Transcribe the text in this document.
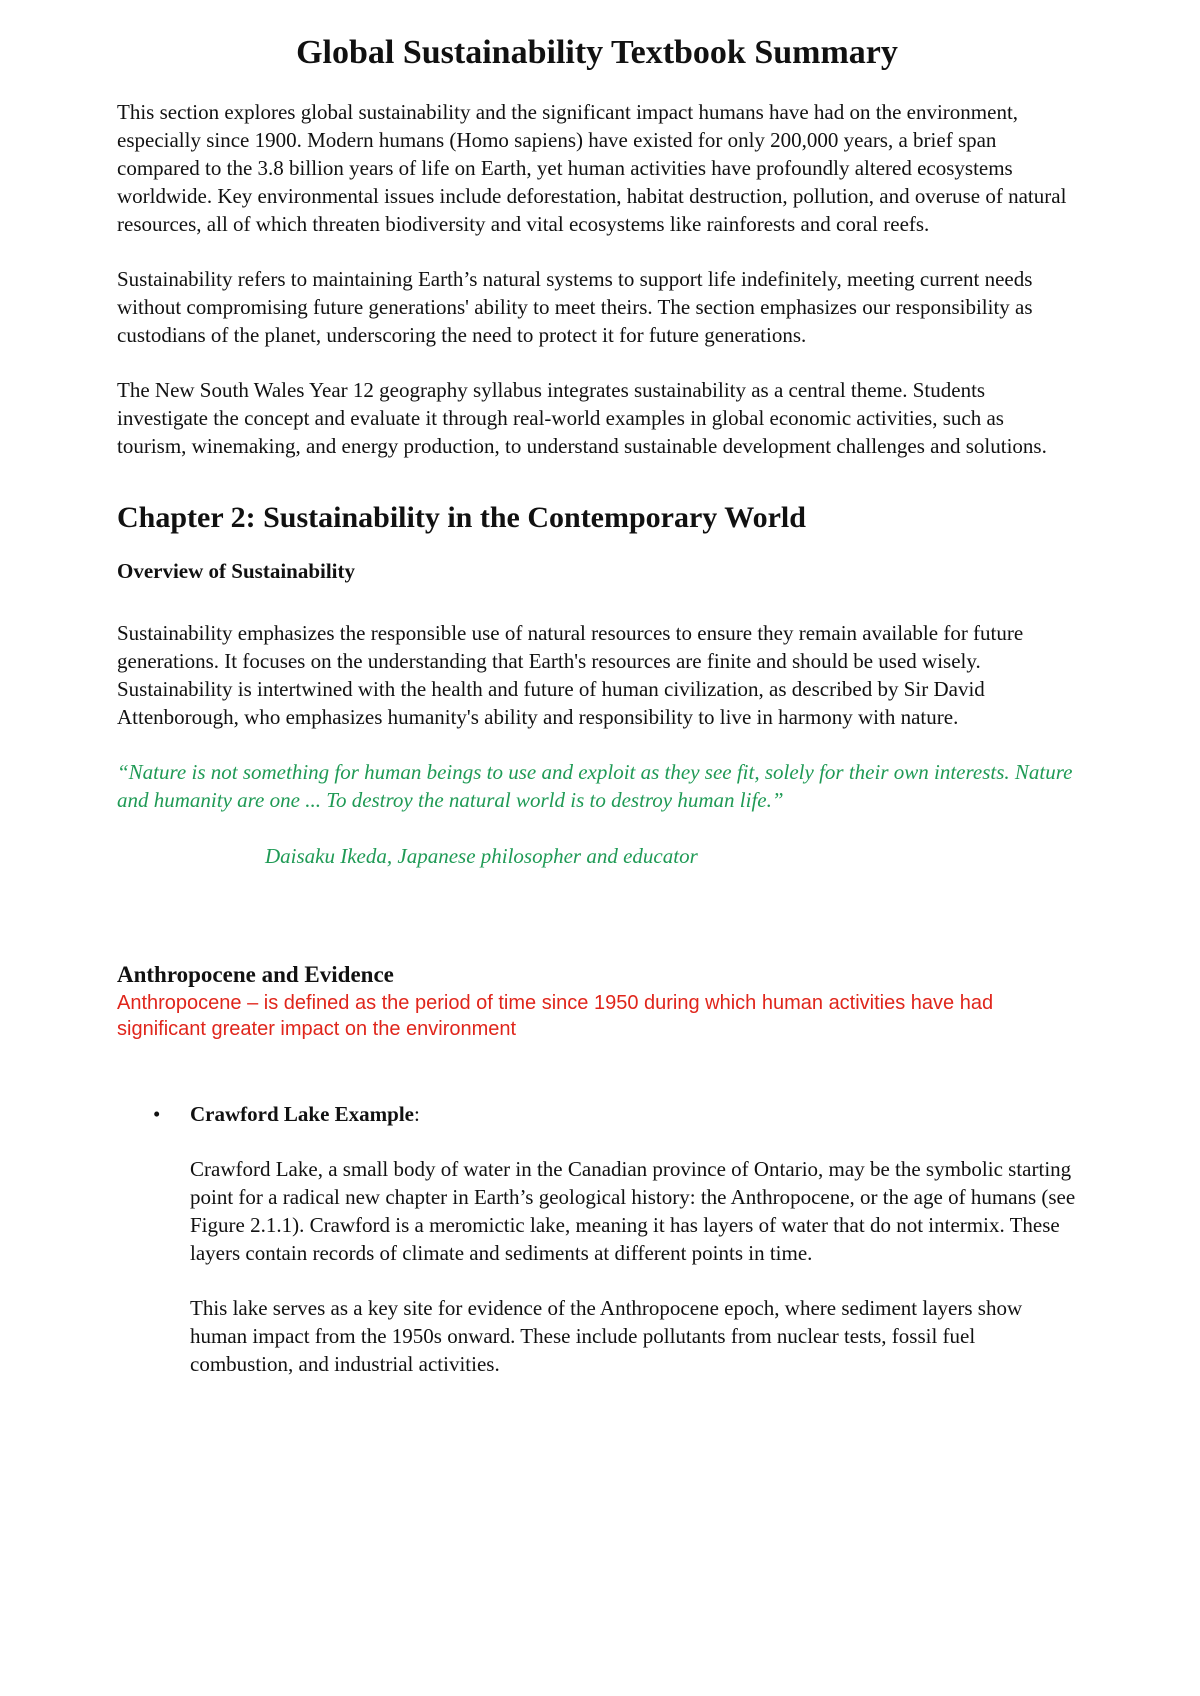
Global Sustainability Textbook Summary

This section explores global sustainability and the significant impact humans have had on the environment, especially since 1900. Modern humans (Homo sapiens) have existed for only 200,000 years, a brief span compared to the 3.8 billion years of life on Earth, yet human activities have profoundly altered ecosystems worldwide. Key environmental issues include deforestation, habitat destruction, pollution, and overuse of natural resources, all of which threaten biodiversity and vital ecosystems like rainforests and coral reefs.

Sustainability refers to maintaining Earth’s natural systems to support life indefinitely, meeting current needs without compromising future generations' ability to meet theirs. The section emphasizes our responsibility as custodians of the planet, underscoring the need to protect it for future generations.

The New South Wales Year 12 geography syllabus integrates sustainability as a central theme. Students investigate the concept and evaluate it through real-world examples in global economic activities, such as tourism, winemaking, and energy production, to understand sustainable development challenges and solutions.

Chapter 2: Sustainability in the Contemporary World
Overview of Sustainability

Sustainability emphasizes the responsible use of natural resources to ensure they remain available for future generations. It focuses on the understanding that Earth's resources are finite and should be used wisely. Sustainability is intertwined with the health and future of human civilization, as described by Sir David Attenborough, who emphasizes humanity's ability and responsibility to live in harmony with nature.

“Nature is not something for human beings to use and exploit as they see fit, solely for their own interests. Nature and humanity are one ... To destroy the natural world is to destroy human life.”

Daisaku Ikeda, Japanese philosopher and educator

Anthropocene and Evidence

Anthropocene – is defined as the period of time since 1950 during which human activities have had significant greater impact on the environment

• Crawford Lake Example:

Crawford Lake, a small body of water in the Canadian province of Ontario, may be the symbolic starting point for a radical new chapter in Earth’s geological history: the Anthropocene, or the age of humans (see Figure 2.1.1). Crawford is a meromictic lake, meaning it has layers of water that do not intermix. These layers contain records of climate and sediments at different points in time.

This lake serves as a key site for evidence of the Anthropocene epoch, where sediment layers show human impact from the 1950s onward. These include pollutants from nuclear tests, fossil fuel combustion, and industrial activities.
